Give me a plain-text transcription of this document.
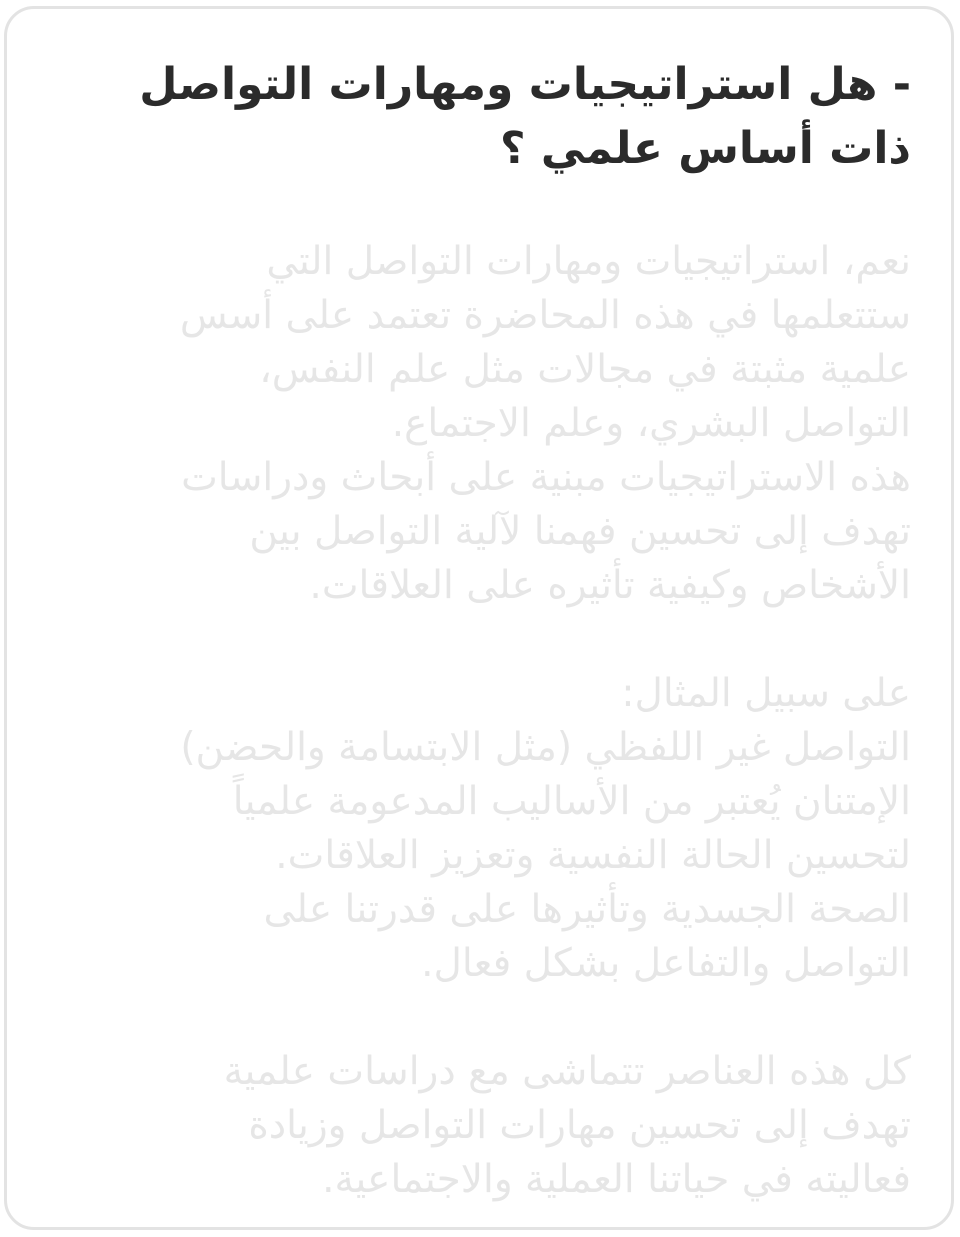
- هل استراتيجيات ومهارات التواصل
ذات أساس علمي ؟
نعم، استراتيجيات ومهارات التواصل التي
ستتعلمها في هذه المحاضرة تعتمد على أسس
علمية مثبتة في مجالات مثل علم النفس،
التواصل البشري، وعلم الاجتماع.
هذه الاستراتيجيات مبنية على أبحاث ودراسات
تهدف إلى تحسين فهمنا لآلية التواصل بين
الأشخاص وكيفية تأثيره على العلاقات.
على سبيل المثال:
التواصل غير اللفظي (مثل الابتسامة والحضن)
الإمتنان يُعتبر من الأساليب المدعومة علمياً
لتحسين الحالة النفسية وتعزيز العلاقات.
الصحة الجسدية وتأثيرها على قدرتنا على
التواصل والتفاعل بشكل فعال.
كل هذه العناصر تتماشى مع دراسات علمية
تهدف إلى تحسين مهارات التواصل وزيادة
فعاليته في حياتنا العملية والاجتماعية.
